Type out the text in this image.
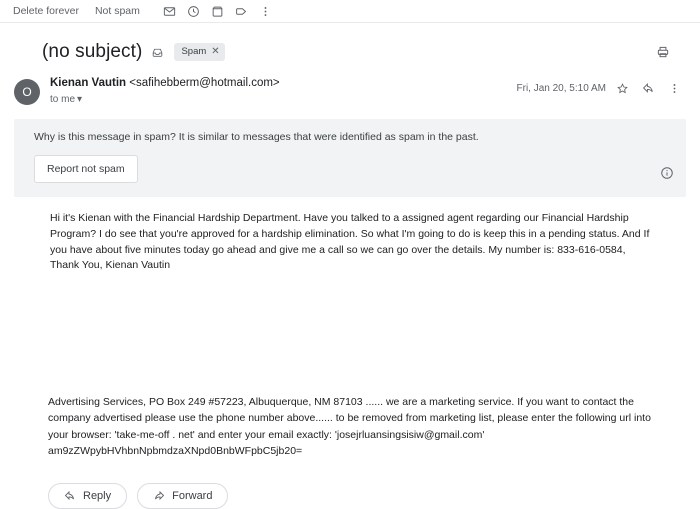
Delete forever	Not spam
(no subject)	Spam ✕
O
Kienan Vautin <safihebberm@hotmail.com>
to me ▾
Fri, Jan 20, 5:10 AM
Why is this message in spam? It is similar to messages that were identified as spam in the past.
Report not spam
Hi it's Kienan with the Financial Hardship Department. Have you talked to a assigned agent regarding our Financial Hardship Program? I do see that you're approved for a hardship elimination. So what I'm going to do is keep this in a pending status. And If you have about five minutes today go ahead and give me a call so we can go over the details. My number is: 833-616-0584, Thank You, Kienan Vautin
Advertising Services, PO Box 249 #57223, Albuquerque, NM 87103 ...... we are a marketing service. If you want to contact the company advertised please use the phone number above...... to be removed from marketing list, please enter the following url into your browser: 'take-me-off . net' and enter your email exactly: 'josejrluansingsisiw@gmail.com' am9zZWpybHVhbnNpbmdzaXNpd0BnbWFpbC5jb20=
Reply	Forward
